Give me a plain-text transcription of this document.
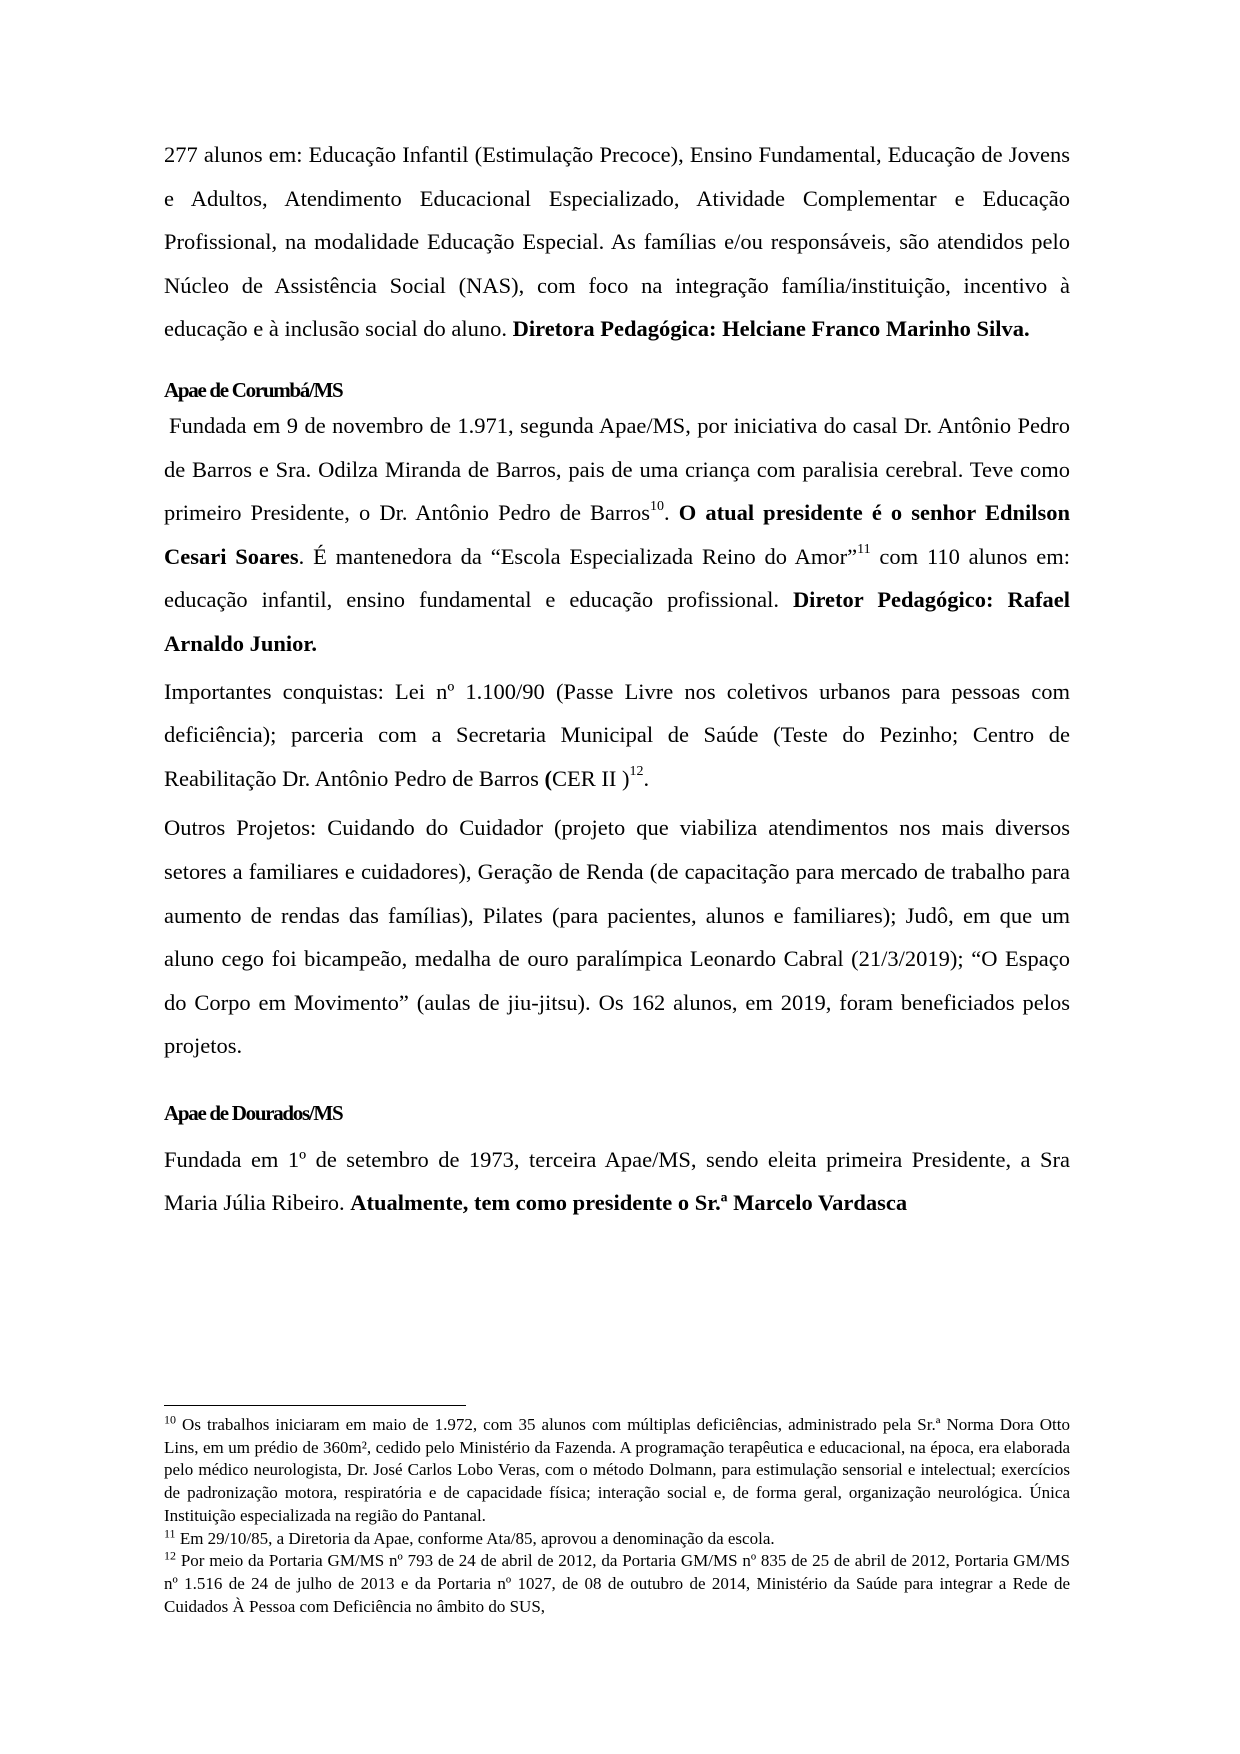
277 alunos em: Educação Infantil (Estimulação Precoce), Ensino Fundamental, Educação de Jovens e Adultos, Atendimento Educacional Especializado, Atividade Complementar e Educação Profissional, na modalidade Educação Especial. As famílias e/ou responsáveis, são atendidos pelo Núcleo de Assistência Social (NAS), com foco na integração família/instituição, incentivo à educação e à inclusão social do aluno. Diretora Pedagógica: Helciane Franco Marinho Silva.

Apae de Corumbá/MS

Fundada em 9 de novembro de 1.971, segunda Apae/MS, por iniciativa do casal Dr. Antônio Pedro de Barros e Sra. Odilza Miranda de Barros, pais de uma criança com paralisia cerebral. Teve como primeiro Presidente, o Dr. Antônio Pedro de Barros$^{10}$. O atual presidente é o senhor Ednilson Cesari Soares. É mantenedora da “Escola Especializada Reino do Amor”$^{11}$ com 110 alunos em: educação infantil, ensino fundamental e educação profissional. Diretor Pedagógico: Rafael Arnaldo Junior.

Importantes conquistas: Lei nº 1.100/90 (Passe Livre nos coletivos urbanos para pessoas com deficiência); parceria com a Secretaria Municipal de Saúde (Teste do Pezinho; Centro de Reabilitação Dr. Antônio Pedro de Barros (CER II )$^{12}$.

Outros Projetos: Cuidando do Cuidador (projeto que viabiliza atendimentos nos mais diversos setores a familiares e cuidadores), Geração de Renda (de capacitação para mercado de trabalho para aumento de rendas das famílias), Pilates (para pacientes, alunos e familiares); Judô, em que um aluno cego foi bicampeão, medalha de ouro paralímpica Leonardo Cabral (21/3/2019); “O Espaço do Corpo em Movimento” (aulas de jiu-jitsu). Os 162 alunos, em 2019, foram beneficiados pelos projetos.

Apae de Dourados/MS

Fundada em 1º de setembro de 1973, terceira Apae/MS, sendo eleita primeira Presidente, a Sra Maria Júlia Ribeiro. Atualmente, tem como presidente o Sr.ª Marcelo Vardasca

$^{10}$ Os trabalhos iniciaram em maio de 1.972, com 35 alunos com múltiplas deficiências, administrado pela Sr.ª Norma Dora Otto Lins, em um prédio de 360m², cedido pelo Ministério da Fazenda. A programação terapêutica e educacional, na época, era elaborada pelo médico neurologista, Dr. José Carlos Lobo Veras, com o método Dolmann, para estimulação sensorial e intelectual; exercícios de padronização motora, respiratória e de capacidade física; interação social e, de forma geral, organização neurológica. Única Instituição especializada na região do Pantanal.

$^{11}$ Em 29/10/85, a Diretoria da Apae, conforme Ata/85, aprovou a denominação da escola.

$^{12}$ Por meio da Portaria GM/MS nº 793 de 24 de abril de 2012, da Portaria GM/MS nº 835 de 25 de abril de 2012, Portaria GM/MS nº 1.516 de 24 de julho de 2013 e da Portaria nº 1027, de 08 de outubro de 2014, Ministério da Saúde para integrar a Rede de Cuidados À Pessoa com Deficiência no âmbito do SUS,
